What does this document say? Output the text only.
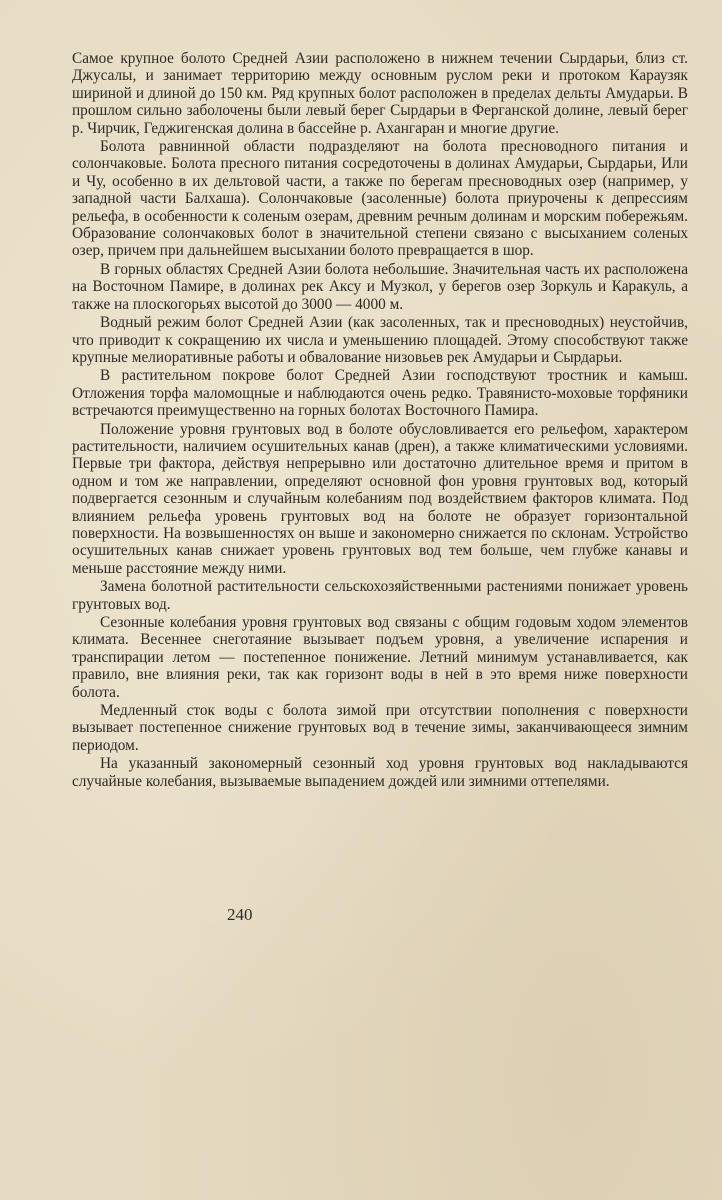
Самое крупное болото Средней Азии расположено в нижнем течении Сырдарьи, близ ст. Джусалы, и занимает территорию между основным руслом реки и протоком Караузяк шириной и длиной до 150 км. Ряд крупных болот расположен в пределах дельты Амударьи. В прошлом сильно заболочены были левый берег Сырдарьи в Ферганской долине, левый берег р. Чирчик, Геджигенская долина в бассейне р. Ахангаран и многие другие.

Болота равнинной области подразделяют на болота пресноводного питания и солончаковые. Болота пресного питания сосредоточены в долинах Амударьи, Сырдарьи, Или и Чу, особенно в их дельтовой части, а также по берегам пресноводных озер (например, у западной части Балхаша). Солончаковые (засоленные) болота приурочены к депрессиям рельефа, в особенности к соленым озерам, древним речным долинам и морским побережьям. Образование солончаковых болот в значительной степени связано с высыханием соленых озер, причем при дальнейшем высыхании болото превращается в шор.

В горных областях Средней Азии болота небольшие. Значительная часть их расположена на Восточном Памире, в долинах рек Аксу и Музкол, у берегов озер Зоркуль и Каракуль, а также на плоскогорьях высотой до 3000 — 4000 м.

Водный режим болот Средней Азии (как засоленных, так и пресноводных) неустойчив, что приводит к сокращению их числа и уменьшению площадей. Этому способствуют также крупные мелиоративные работы и обвалование низовьев рек Амударьи и Сырдарьи.

В растительном покрове болот Средней Азии господствуют тростник и камыш. Отложения торфа маломощные и наблюдаются очень редко. Травянисто-моховые торфяники встречаются преимущественно на горных болотах Восточного Памира.

Положение уровня грунтовых вод в болоте обусловливается его рельефом, характером растительности, наличием осушительных канав (дрен), а также климатическими условиями. Первые три фактора, действуя непрерывно или достаточно длительное время и притом в одном и том же направлении, определяют основной фон уровня грунтовых вод, который подвергается сезонным и случайным колебаниям под воздействием факторов климата. Под влиянием рельефа уровень грунтовых вод на болоте не образует горизонтальной поверхности. На возвышенностях он выше и закономерно снижается по склонам. Устройство осушительных канав снижает уровень грунтовых вод тем больше, чем глубже канавы и меньше расстояние между ними.

Замена болотной растительности сельскохозяйственными растениями понижает уровень грунтовых вод.

Сезонные колебания уровня грунтовых вод связаны с общим годовым ходом элементов климата. Весеннее снеготаяние вызывает подъем уровня, а увеличение испарения и транспирации летом — постепенное понижение. Летний минимум устанавливается, как правило, вне влияния реки, так как горизонт воды в ней в это время ниже поверхности болота.

Медленный сток воды с болота зимой при отсутствии пополнения с поверхности вызывает постепенное снижение грунтовых вод в течение зимы, заканчивающееся зимним периодом.

На указанный закономерный сезонный ход уровня грунтовых вод накладываются случайные колебания, вызываемые выпадением дождей или зимними оттепелями.

240
